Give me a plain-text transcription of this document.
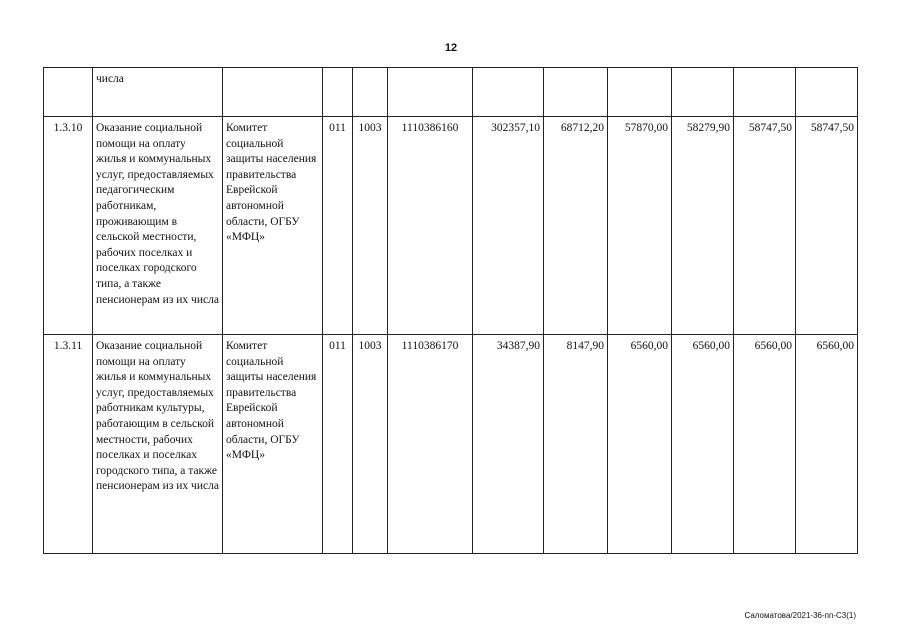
12
	числа										
1.3.10	Оказание социальной помощи на оплату жилья и коммунальных услуг, предоставляемых педагогическим работникам, проживающим в сельской местности, рабочих поселках и поселках городского типа, а также пенсионерам из их числа	Комитет социальной защиты населения правительства Еврейской автономной области, ОГБУ «МФЦ»	011	1003	1110386160	302357,10	68712,20	57870,00	58279,90	58747,50	58747,50
1.3.11	Оказание социальной помощи на оплату жилья и коммунальных услуг, предоставляемых работникам культуры, работающим в сельской местности, рабочих поселках и поселках городского типа, а также пенсионерам из их числа	Комитет социальной защиты населения правительства Еврейской автономной области, ОГБУ «МФЦ»	011	1003	1110386170	34387,90	8147,90	6560,00	6560,00	6560,00	6560,00
Саломатова/2021-36-пп-С3(1)
